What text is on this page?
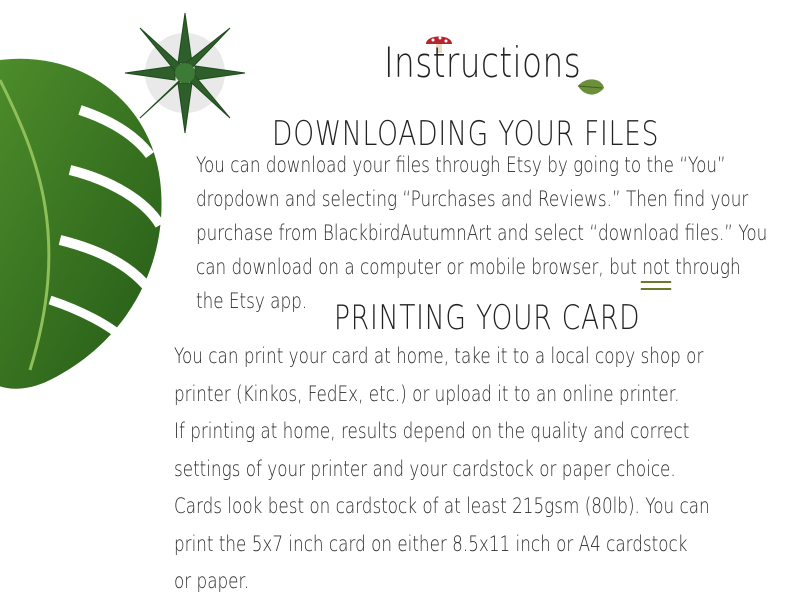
Instructions
DOWNLOADING YOUR FILES
You can download your files through Etsy by going to the “You”
dropdown and selecting “Purchases and Reviews.” Then find your
purchase from BlackbirdAutumnArt and select “download files.” You
can download on a computer or mobile browser, but not through
the Etsy app. PRINTING YOUR CARD
You can print your card at home, take it to a local copy shop or
printer (Kinkos, FedEx, etc.) or upload it to an online printer.
If printing at home, results depend on the quality and correct
settings of your printer and your cardstock or paper choice.
Cards look best on cardstock of at least 215gsm (80lb). You can
print the 5x7 inch card on either 8.5x11 inch or A4 cardstock
or paper.
